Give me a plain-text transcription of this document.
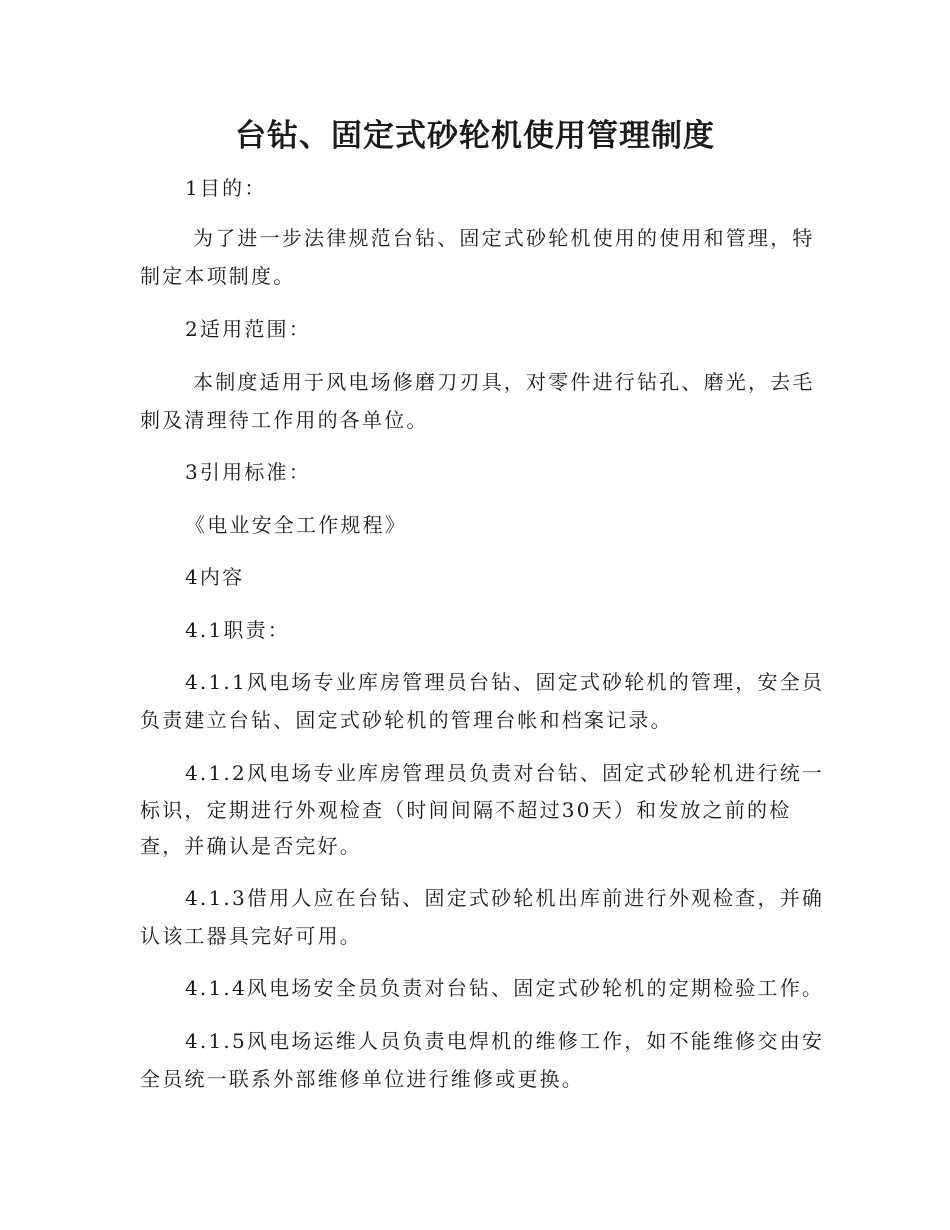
台钻、固定式砂轮机使用管理制度
1目的：
为了进一步法律规范台钻、固定式砂轮机使用的使用和管理，特
制定本项制度。
2适用范围：
本制度适用于风电场修磨刀刃具，对零件进行钻孔、磨光，去毛
刺及清理待工作用的各单位。
3引用标准：
《电业安全工作规程》
4内容
4.1职责：
4.1.1风电场专业库房管理员台钻、固定式砂轮机的管理，安全员
负责建立台钻、固定式砂轮机的管理台帐和档案记录。
4.1.2风电场专业库房管理员负责对台钻、固定式砂轮机进行统一
标识，定期进行外观检查（时间间隔不超过30天）和发放之前的检
查，并确认是否完好。
4.1.3借用人应在台钻、固定式砂轮机出库前进行外观检查，并确
认该工器具完好可用。
4.1.4风电场安全员负责对台钻、固定式砂轮机的定期检验工作。
4.1.5风电场运维人员负责电焊机的维修工作，如不能维修交由安
全员统一联系外部维修单位进行维修或更换。
